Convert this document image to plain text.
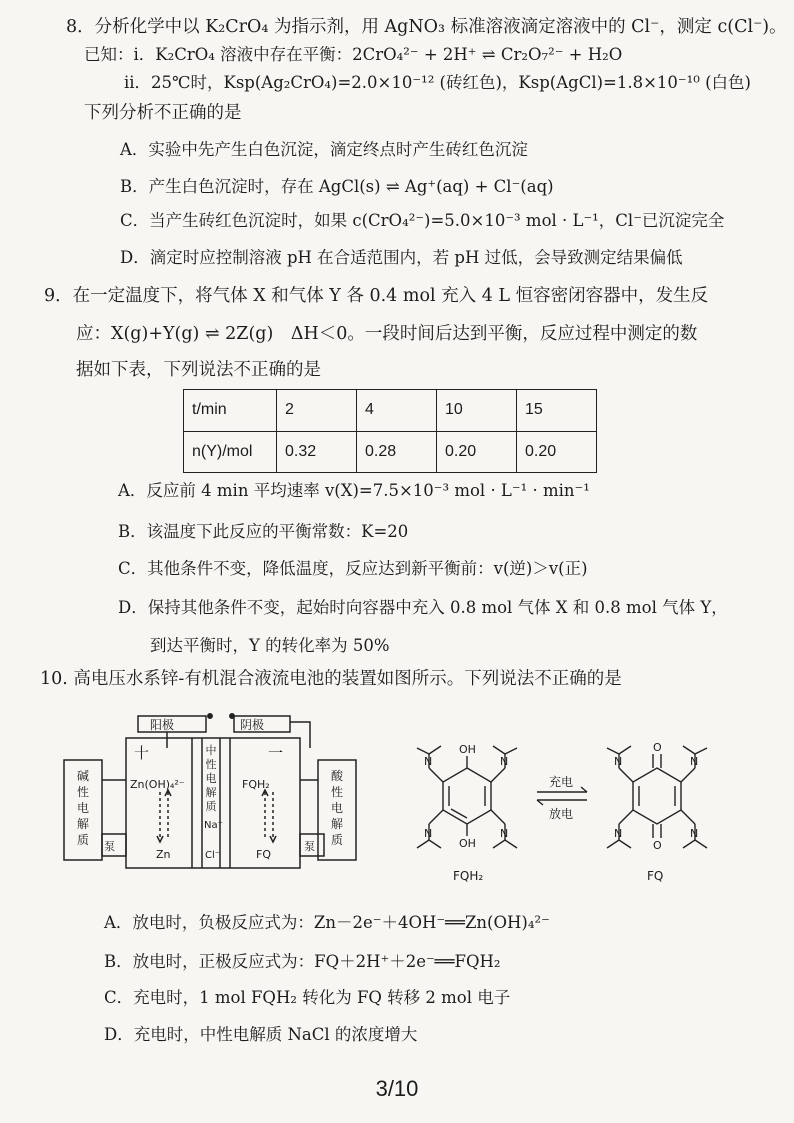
8．分析化学中以 K₂CrO₄ 为指示剂，用 AgNO₃ 标准溶液滴定溶液中的 Cl⁻，测定 c(Cl⁻)。
已知：i．K₂CrO₄ 溶液中存在平衡：2CrO₄²⁻ + 2H⁺ ⇌ Cr₂O₇²⁻ + H₂O
ii．25℃时，Ksp(Ag₂CrO₄)=2.0×10⁻¹² (砖红色)，Ksp(AgCl)=1.8×10⁻¹⁰ (白色)
下列分析不正确的是
A．实验中先产生白色沉淀，滴定终点时产生砖红色沉淀
B．产生白色沉淀时，存在 AgCl(s) ⇌ Ag⁺(aq) + Cl⁻(aq)
C．当产生砖红色沉淀时，如果 c(CrO₄²⁻)=5.0×10⁻³ mol · L⁻¹，Cl⁻已沉淀完全
D．滴定时应控制溶液 pH 在合适范围内，若 pH 过低，会导致测定结果偏低
9．在一定温度下，将气体 X 和气体 Y 各 0.4 mol 充入 4 L 恒容密闭容器中，发生反
应：X(g)+Y(g) ⇌ 2Z(g)　ΔH＜0。一段时间后达到平衡，反应过程中测定的数
据如下表，下列说法不正确的是
t/min	2	4	10	15
n(Y)/mol	0.32	0.28	0.20	0.20
A．反应前 4 min 平均速率 v(X)=7.5×10⁻³ mol · L⁻¹ · min⁻¹
B．该温度下此反应的平衡常数：K=20
C．其他条件不变，降低温度，反应达到新平衡前：v(逆)＞v(正)
D．保持其他条件不变，起始时向容器中充入 0.8 mol 气体 X 和 0.8 mol 气体 Y，
到达平衡时，Y 的转化率为 50%
10. 高电压水系锌-有机混合液流电池的装置如图所示。下列说法不正确的是
阳极	阴极
十	一
Zn(OH)₄²⁻
Zn
FQH₂
FQ
Na⁺
Cl⁻
泵	泵
碱
性
电
解
质
酸
性
电
解
质
中
性
电
解
质
OH
OH
N	N
N	N
O
O
N	N
N	N
充电
放电
FQH₂	FQ
A．放电时，负极反应式为：Zn－2e⁻＋4OH⁻══Zn(OH)₄²⁻
B．放电时，正极反应式为：FQ＋2H⁺＋2e⁻══FQH₂
C．充电时，1 mol FQH₂ 转化为 FQ 转移 2 mol 电子
D．充电时，中性电解质 NaCl 的浓度增大
3/10
